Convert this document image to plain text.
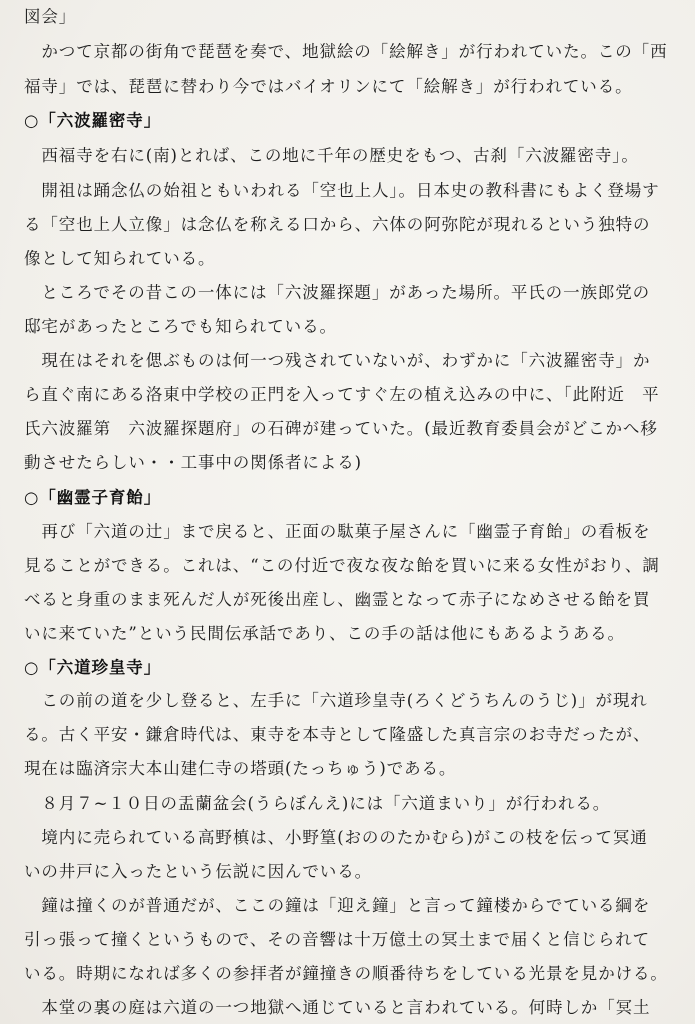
図会」
　かつて京都の街角で琵琶を奏で、地獄絵の「絵解き」が行われていた。この「西
福寺」では、琵琶に替わり今ではバイオリンにて「絵解き」が行われている。
○「六波羅密寺」
　西福寺を右に(南)とれば、この地に千年の歴史をもつ、古刹「六波羅密寺」。
　開祖は踊念仏の始祖ともいわれる「空也上人」。日本史の教科書にもよく登場す
る「空也上人立像」は念仏を称える口から、六体の阿弥陀が現れるという独特の
像として知られている。
　ところでその昔この一体には「六波羅探題」があった場所。平氏の一族郎党の
邸宅があったところでも知られている。
　現在はそれを偲ぶものは何一つ残されていないが、わずかに「六波羅密寺」か
ら直ぐ南にある洛東中学校の正門を入ってすぐ左の植え込みの中に、「此附近　平
氏六波羅第　六波羅探題府」の石碑が建っていた。(最近教育委員会がどこかへ移
動させたらしい・・工事中の関係者による)
○「幽霊子育飴」
　再び「六道の辻」まで戻ると、正面の駄菓子屋さんに「幽霊子育飴」の看板を
見ることができる。これは、“この付近で夜な夜な飴を買いに来る女性がおり、調
べると身重のまま死んだ人が死後出産し、幽霊となって赤子になめさせる飴を買
いに来ていた”という民間伝承話であり、この手の話は他にもあるようある。
○「六道珍皇寺」
　この前の道を少し登ると、左手に「六道珍皇寺(ろくどうちんのうじ)」が現れ
る。古く平安・鎌倉時代は、東寺を本寺として隆盛した真言宗のお寺だったが、
現在は臨済宗大本山建仁寺の塔頭(たっちゅう)である。
　８月７~１０日の盂蘭盆会(うらぼんえ)には「六道まいり」が行われる。
　境内に売られている高野槙は、小野篁(おののたかむら)がこの枝を伝って冥通
いの井戸に入ったという伝説に因んでいる。
　鐘は撞くのが普通だが、ここの鐘は「迎え鐘」と言って鐘楼からでている綱を
引っ張って撞くというもので、その音響は十万億土の冥土まで届くと信じられて
いる。時期になれば多くの参拝者が鐘撞きの順番待ちをしている光景を見かける。
　本堂の裏の庭は六道の一つ地獄へ通じていると言われている。何時しか「冥土
